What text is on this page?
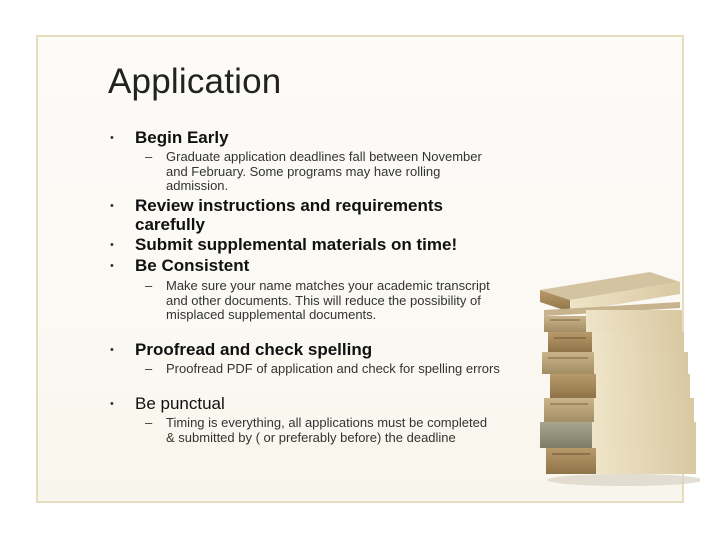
Application
• Begin Early
– Graduate application deadlines fall between November and February. Some programs may have rolling admission.
• Review instructions and requirements carefully
• Submit supplemental materials on time!
• Be Consistent
– Make sure your name matches your academic transcript and other documents. This will reduce the possibility of misplaced supplemental documents.
• Proofread and check spelling
– Proofread PDF of application and check for spelling errors
• Be punctual
– Timing is everything, all applications must be completed & submitted by ( or preferably before) the deadline
